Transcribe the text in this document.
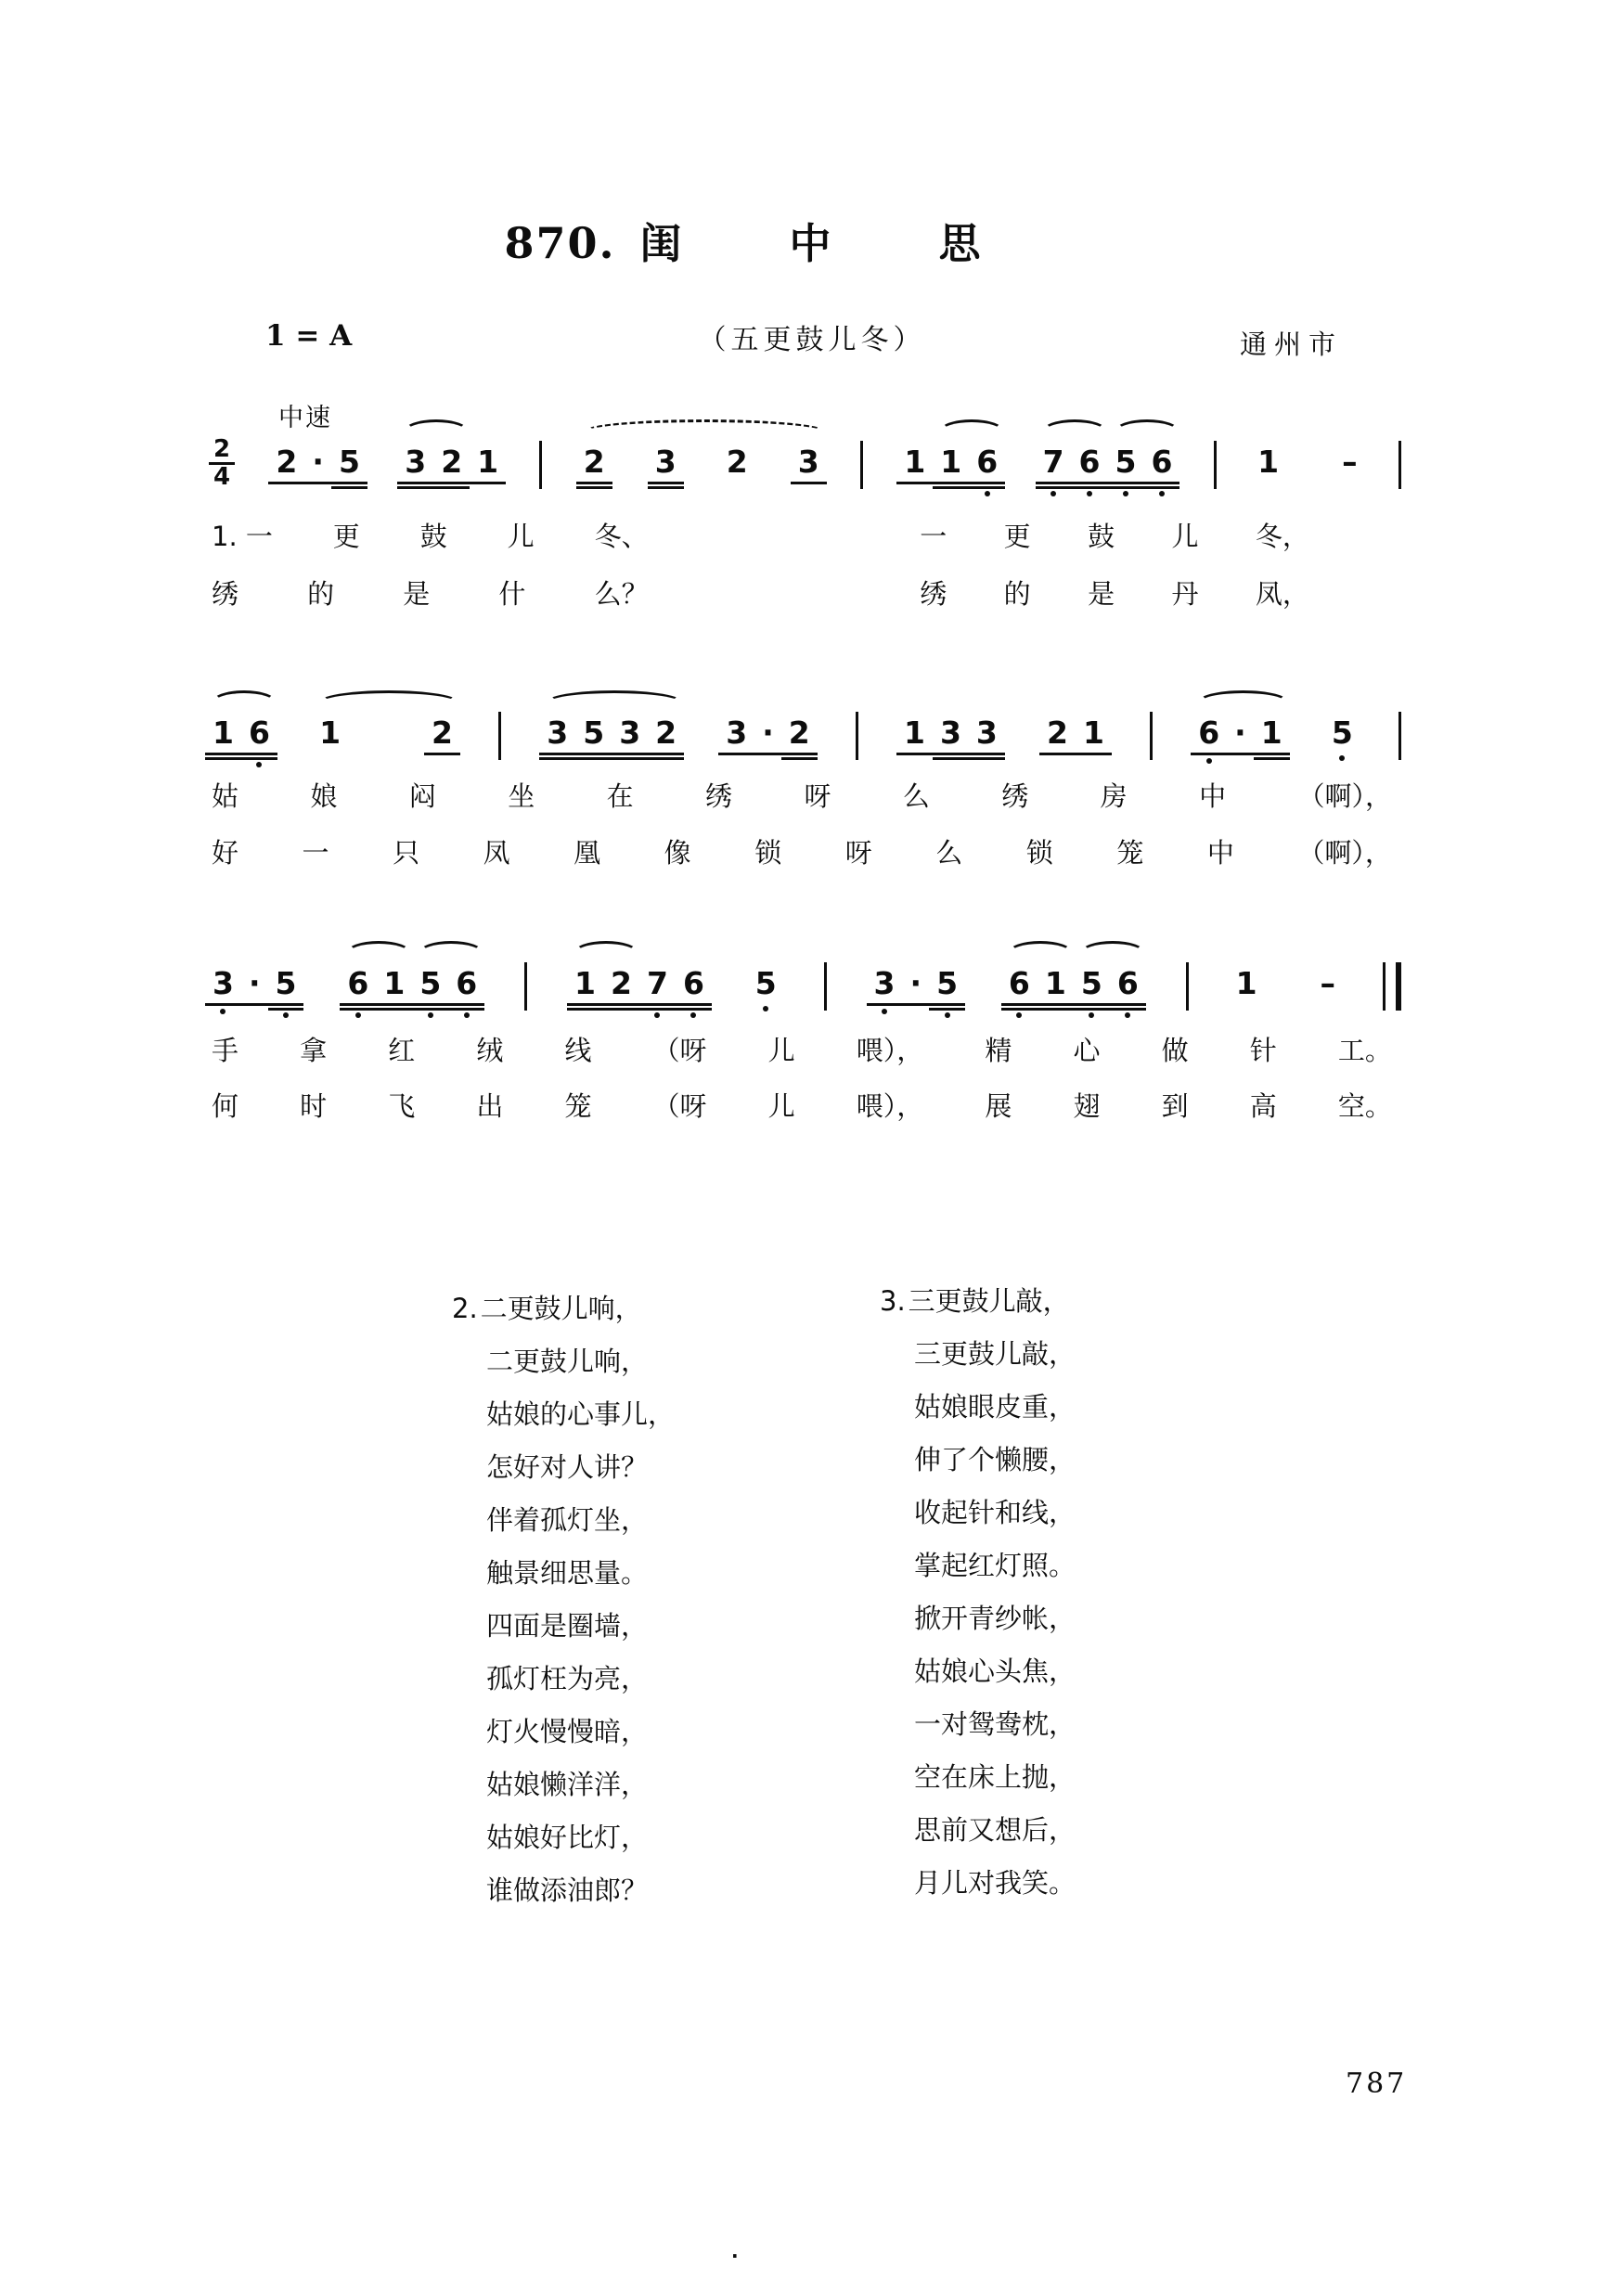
870. 闺	中	思
1 = A	（五更鼓儿冬）	通州市
中速
$\frac{2}{4} 2 \cdot 5$ 3 2 1	2 3 2 3	1 1 6 7 6 5 6	1 –
1 6 1	2	3 5 3 2 3 · 2	1 3 3 2 1	6 · 1 5
3 · 5 6 1 5 6	1 2 7 6 5	3 · 5 6 1 5 6	1 –
1. 一 更 鼓 儿 冬、	一 更 鼓 儿 冬，
绣	的	是	什	么？	绣 的 是 丹 凤，
姑	娘	闷	坐	在	绣	呀	么	绣	房	中	（啊），
好 一 只 凤 凰 像 锁 呀 么 锁 笼 中 （啊），
手 拿 红 绒 线 （呀 儿 喂）， 精 心 做 针 工。
何 时 飞 出 笼 （呀 儿 喂）， 展 翅 到 高 空。

2. 二更鼓儿响，

二更鼓儿响，

姑娘的心事儿，

怎好对人讲？

伴着孤灯坐，

触景细思量。

四面是圈墙，

孤灯枉为亮，

灯火慢慢暗，

姑娘懒洋洋，

姑娘好比灯，

谁做添油郎？

3. 三更鼓儿敲，

三更鼓儿敲，

姑娘眼皮重，

伸了个懒腰，

收起针和线，

掌起红灯照。

掀开青纱帐，

姑娘心头焦，

一对鸳鸯枕，

空在床上抛，

思前又想后，

月儿对我笑。

787
.
